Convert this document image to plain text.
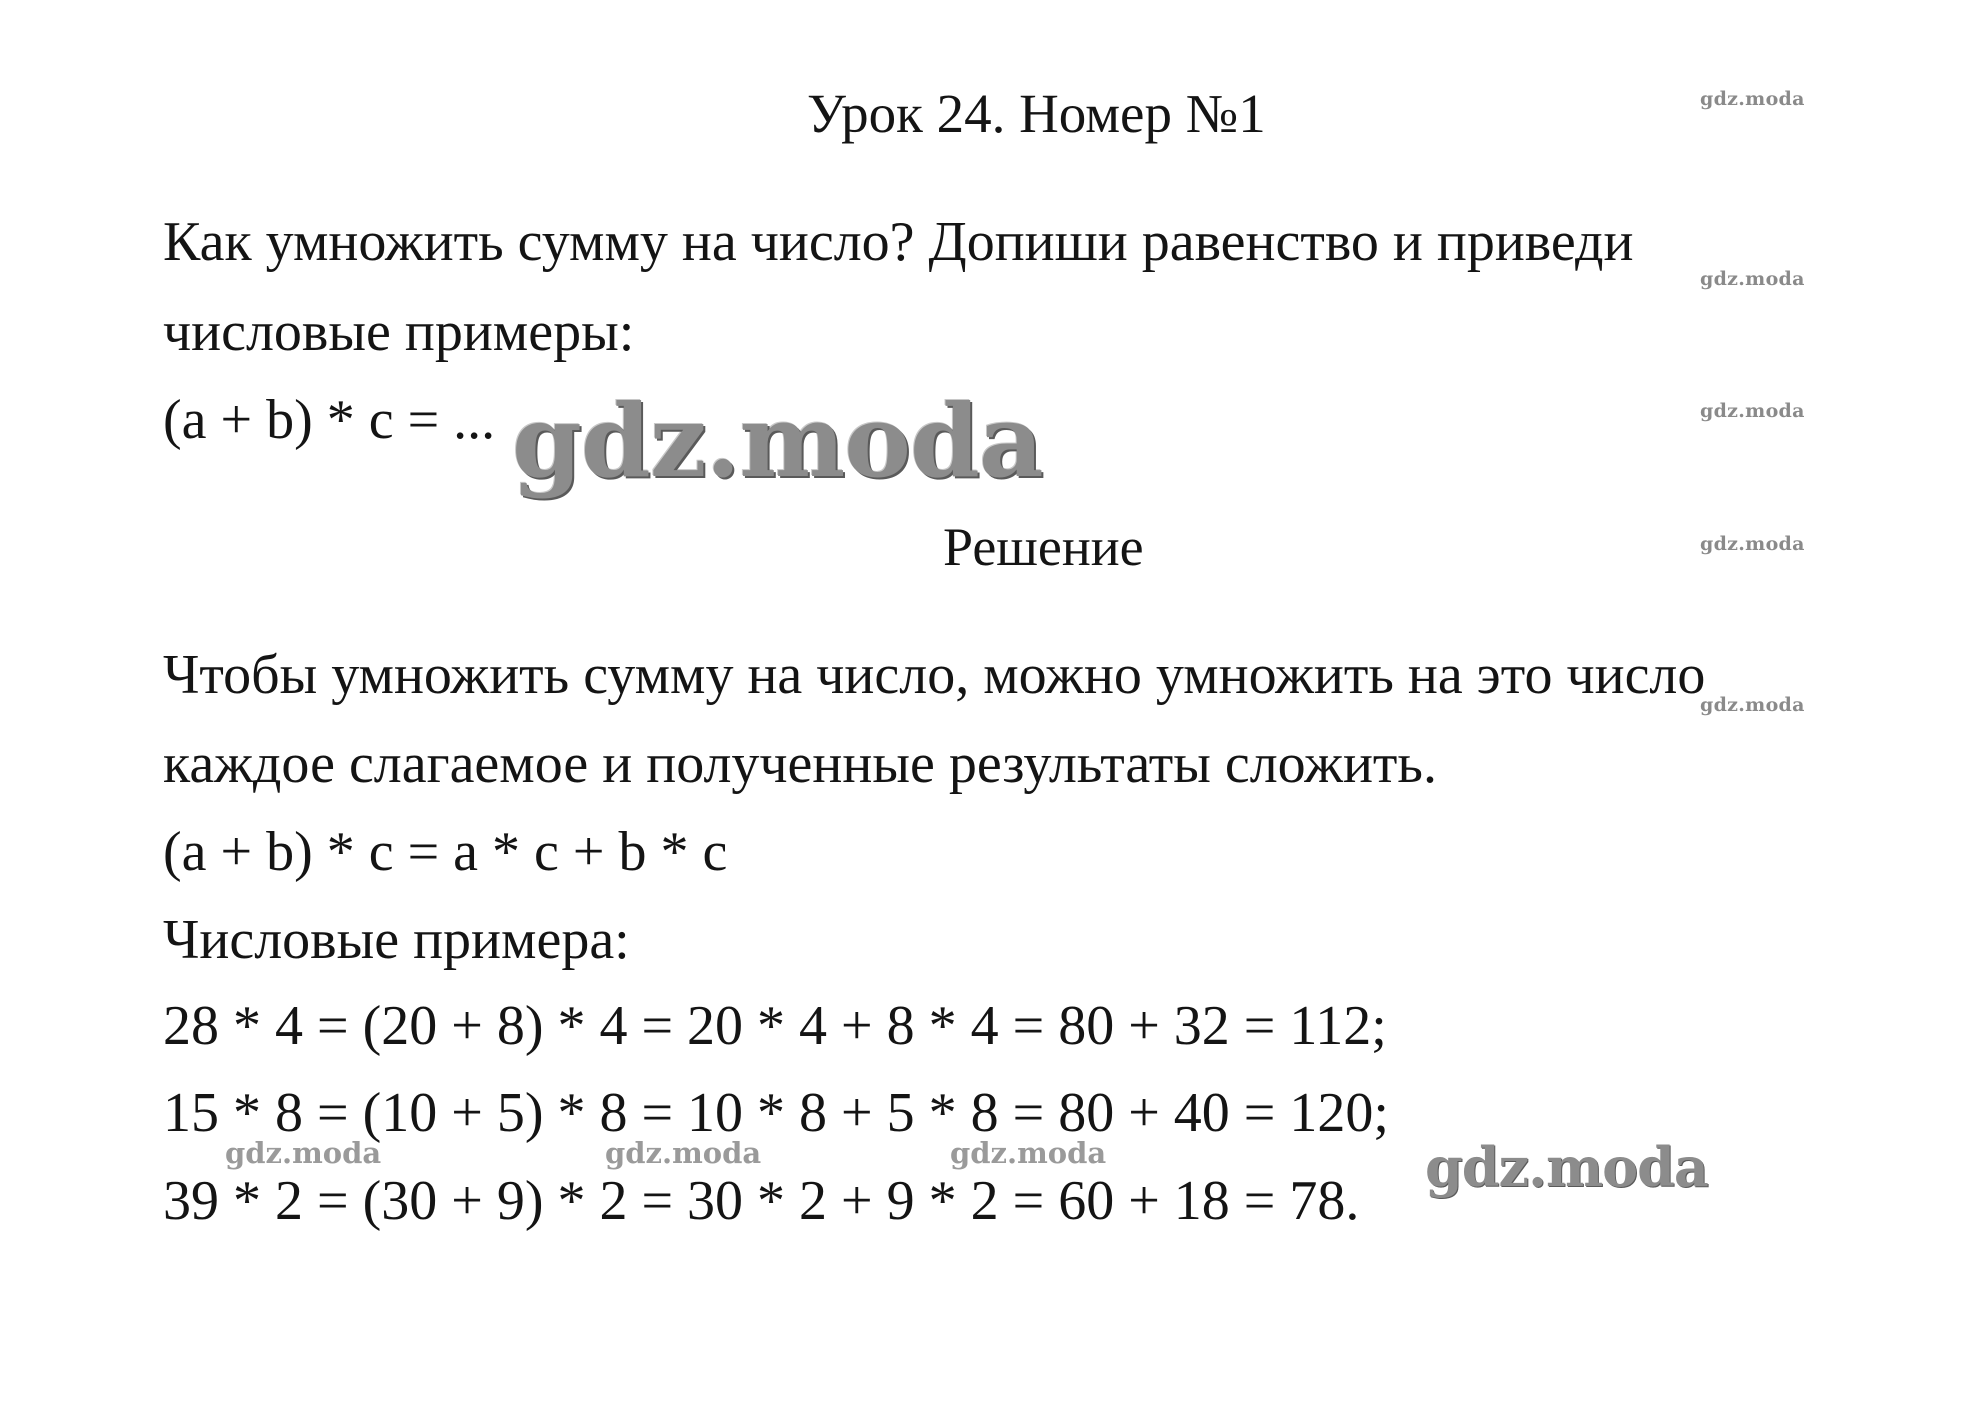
Урок 24. Номер №1
Как умножить сумму на число? Допиши равенство и приведи
числовые примеры:
(a + b) * c = ...
Решение
Чтобы умножить сумму на число, можно умножить на это число
каждое слагаемое и полученные результаты сложить.
(a + b) * c = a * c + b * c
Числовые примера:
28 * 4 = (20 + 8) * 4 = 20 * 4 + 8 * 4 = 80 + 32 = 112;
15 * 8 = (10 + 5) * 8 = 10 * 8 + 5 * 8 = 80 + 40 = 120;
39 * 2 = (30 + 9) * 2 = 30 * 2 + 9 * 2 = 60 + 18 = 78.
gdz.moda
gdz.moda
gdz.moda
gdz.moda
gdz.moda
gdz.moda	gdz.moda	gdz.moda
gdz.moda
gdz.moda
